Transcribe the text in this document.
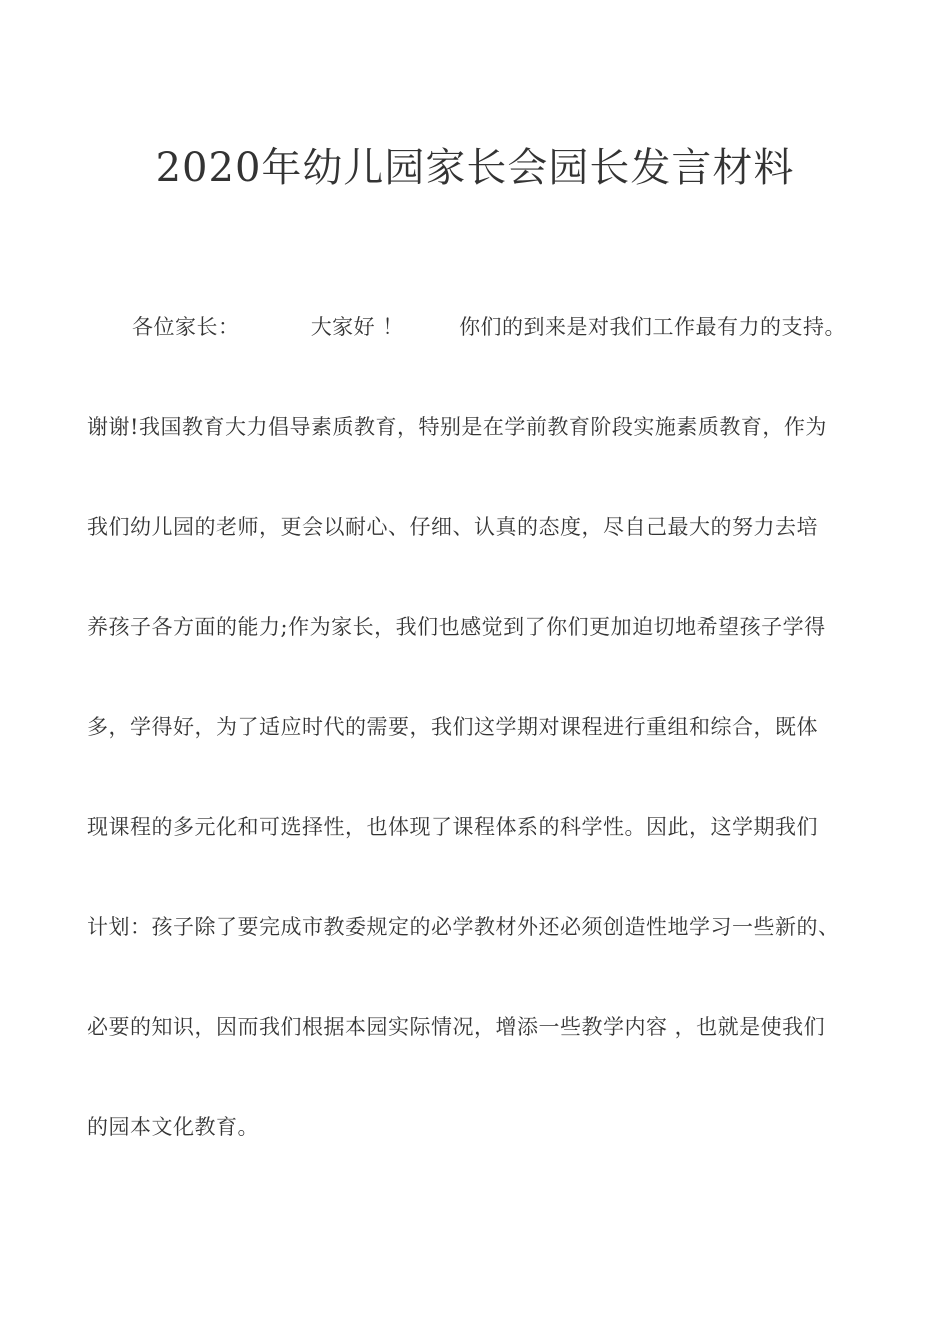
2020年幼儿园家长会园长发言材料
各位家长：	大家好 ！	你们的到来是对我们工作最有力的支持。
谢谢!我国教育大力倡导素质教育，特别是在学前教育阶段实施素质教育，作为
我们幼儿园的老师，更会以耐心、仔细、认真的态度，尽自己最大的努力去培
养孩子各方面的能力;作为家长，我们也感觉到了你们更加迫切地希望孩子学得
多，学得好，为了适应时代的需要，我们这学期对课程进行重组和综合，既体
现课程的多元化和可选择性，也体现了课程体系的科学性。因此，这学期我们
计划：孩子除了要完成市教委规定的必学教材外还必须创造性地学习一些新的、
必要的知识，因而我们根据本园实际情况，增添一些教学内容 ，也就是使我们
的园本文化教育。
